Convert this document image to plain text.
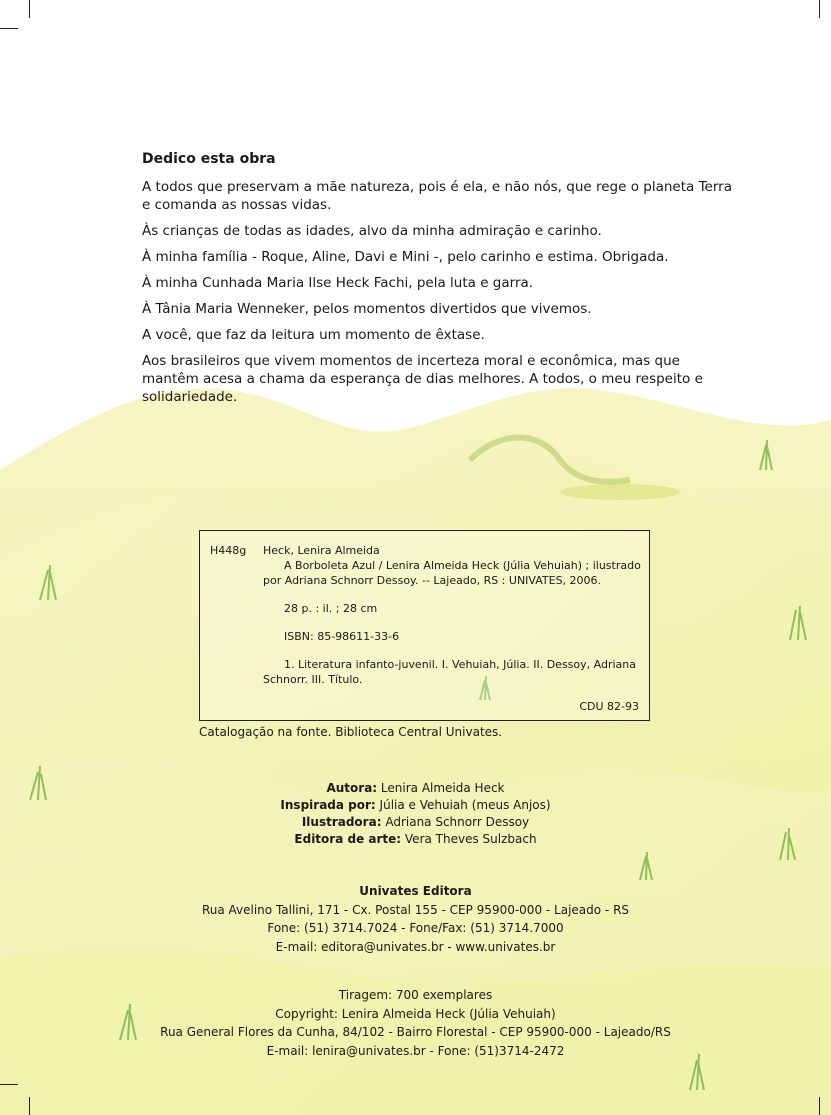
Dedico esta obra

A todos que preservam a mãe natureza, pois é ela, e não nós, que rege o planeta Terra e comanda as nossas vidas.

Às crianças de todas as idades, alvo da minha admiração e carinho.

À minha família - Roque, Aline, Davi e Mini -, pelo carinho e estima. Obrigada.

À minha Cunhada Maria Ilse Heck Fachi, pela luta e garra.

À Tânia Maria Wenneker, pelos momentos divertidos que vivemos.

A você, que faz da leitura um momento de êxtase.

Aos brasileiros que vivem momentos de incerteza moral e econômica, mas que mantêm acesa a chama da esperança de dias melhores. A todos, o meu respeito e solidariedade.

H448g Heck, Lenira Almeida
A Borboleta Azul / Lenira Almeida Heck (Júlia Vehuiah) ; ilustrado por Adriana Schnorr Dessoy. -- Lajeado, RS : UNIVATES, 2006.
28 p. : il. ; 28 cm
ISBN: 85-98611-33-6
1. Literatura infanto-juvenil. I. Vehuiah, Júlia. II. Dessoy, Adriana Schnorr. III. Título.
CDU 82-93
Catalogação na fonte. Biblioteca Central Univates.
Autora: Lenira Almeida Heck
Inspirada por: Júlia e Vehuiah (meus Anjos)
Ilustradora: Adriana Schnorr Dessoy
Editora de arte: Vera Theves Sulzbach
Univates Editora
Rua Avelino Tallini, 171 - Cx. Postal 155 - CEP 95900-000 - Lajeado - RS
Fone: (51) 3714.7024 - Fone/Fax: (51) 3714.7000
E-mail: editora@univates.br - www.univates.br
Tiragem: 700 exemplares
Copyright: Lenira Almeida Heck (Júlia Vehuiah)
Rua General Flores da Cunha, 84/102 - Bairro Florestal - CEP 95900-000 - Lajeado/RS
E-mail: lenira@univates.br - Fone: (51)3714-2472
